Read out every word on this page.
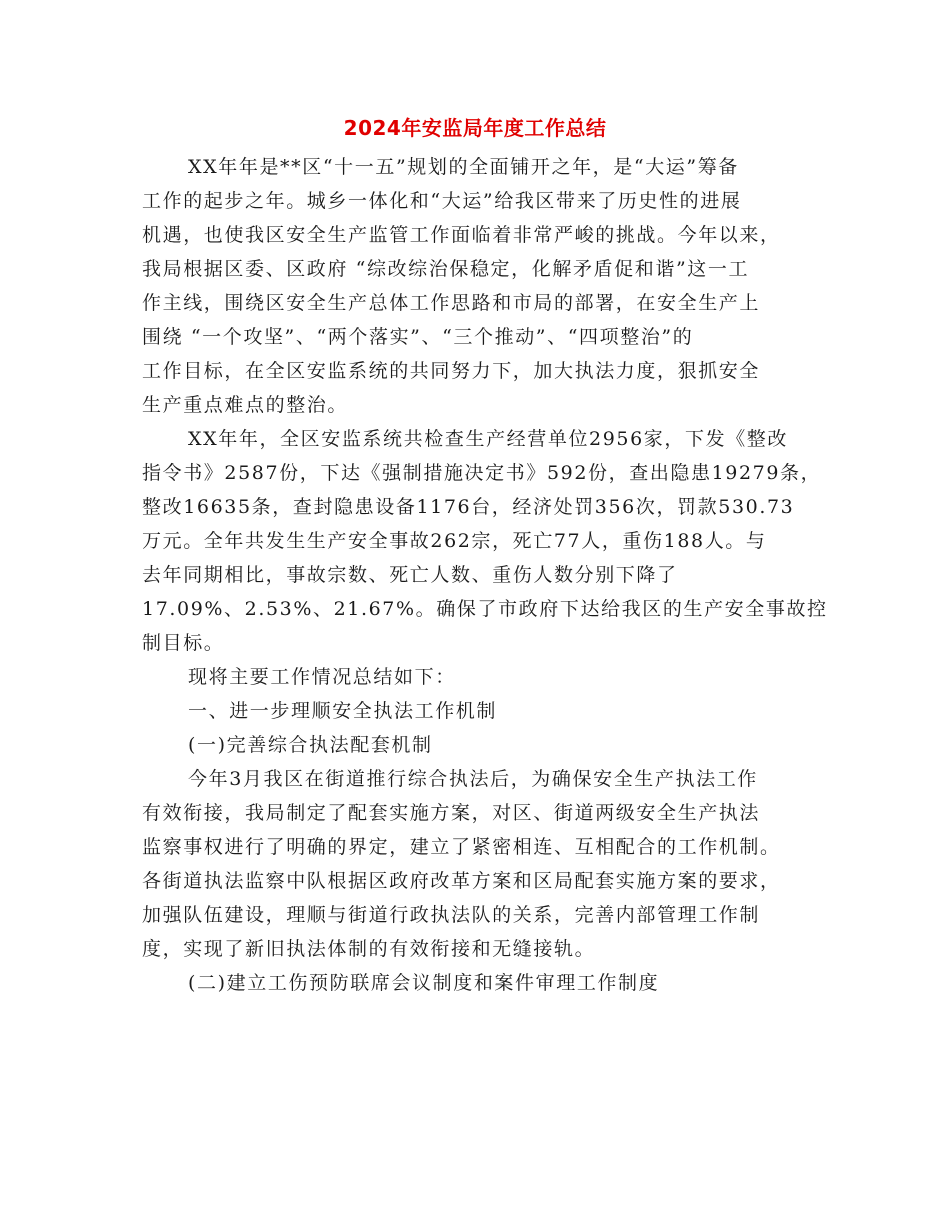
2024年安监局年度工作总结
XX年年是**区“十一五”规划的全面铺开之年，是“大运”筹备
工作的起步之年。城乡一体化和“大运”给我区带来了历史性的进展
机遇，也使我区安全生产监管工作面临着非常严峻的挑战。今年以来，
我局根据区委、区政府 “综改综治保稳定，化解矛盾促和谐”这一工
作主线，围绕区安全生产总体工作思路和市局的部署，在安全生产上
围绕 “一个攻坚”、“两个落实”、“三个推动”、“四项整治”的
工作目标，在全区安监系统的共同努力下，加大执法力度，狠抓安全
生产重点难点的整治。
XX年年，全区安监系统共检查生产经营单位2956家，下发《整改
指令书》2587份，下达《强制措施决定书》592份，查出隐患19279条，
整改16635条，查封隐患设备1176台，经济处罚356次，罚款530.73
万元。全年共发生生产安全事故262宗，死亡77人，重伤188人。与
去年同期相比，事故宗数、死亡人数、重伤人数分别下降了
17.09%、2.53%、21.67%。确保了市政府下达给我区的生产安全事故控
制目标。
现将主要工作情况总结如下：
一、进一步理顺安全执法工作机制
(一)完善综合执法配套机制
今年3月我区在街道推行综合执法后，为确保安全生产执法工作
有效衔接，我局制定了配套实施方案，对区、街道两级安全生产执法
监察事权进行了明确的界定，建立了紧密相连、互相配合的工作机制。
各街道执法监察中队根据区政府改革方案和区局配套实施方案的要求，
加强队伍建设，理顺与街道行政执法队的关系，完善内部管理工作制
度，实现了新旧执法体制的有效衔接和无缝接轨。
(二)建立工伤预防联席会议制度和案件审理工作制度
